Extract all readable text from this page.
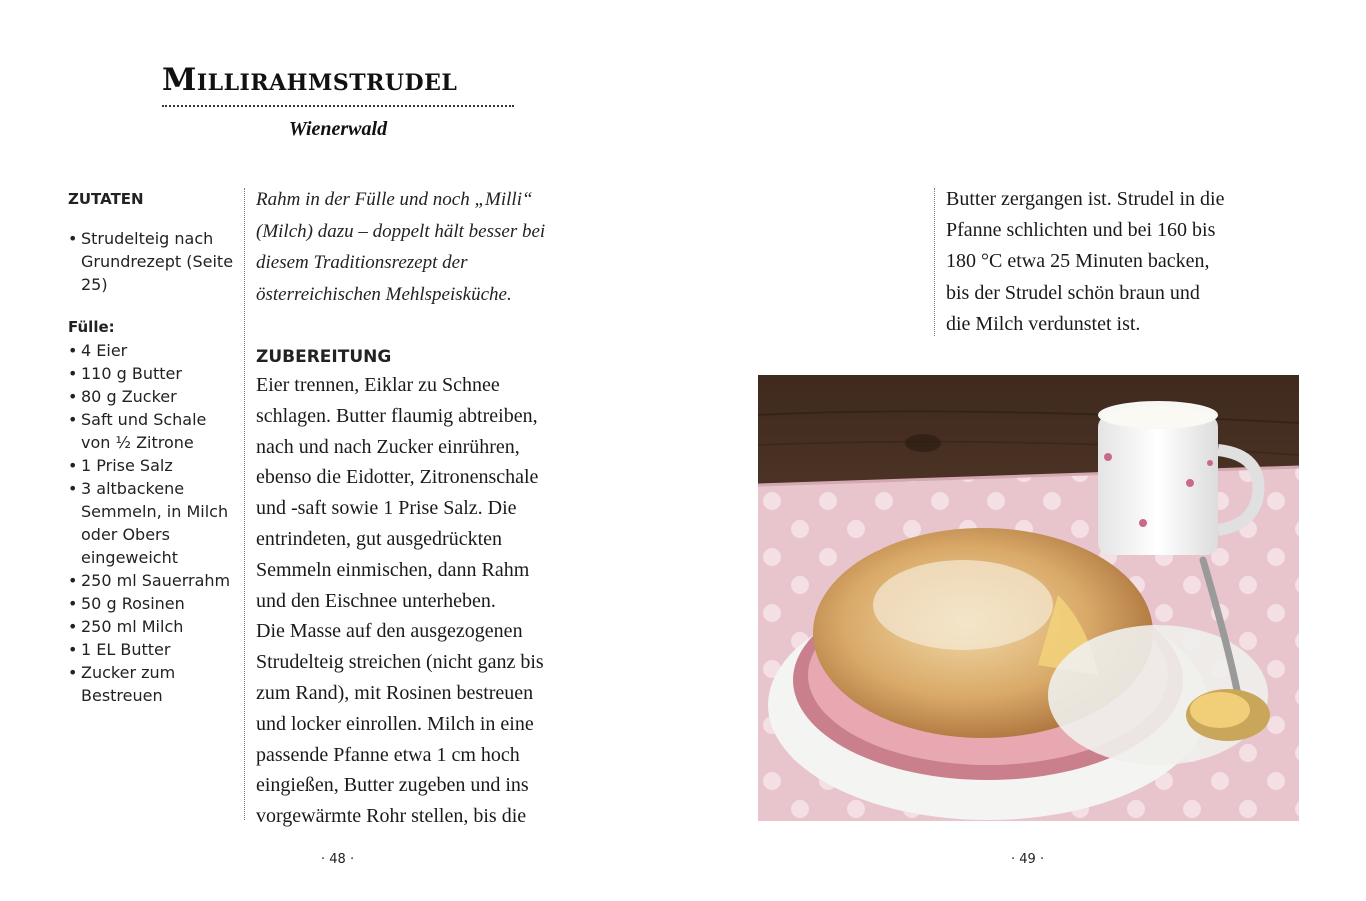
Millirahmstrudel
Wienerwald
ZUTATEN
• Strudelteig nach Grundrezept (Seite 25)
Fülle:
• 4 Eier
• 110 g Butter
• 80 g Zucker
• Saft und Schale von ½ Zitrone
• 1 Prise Salz
• 3 altbackene Semmeln, in Milch oder Obers eingeweicht
• 250 ml Sauerrahm
• 50 g Rosinen
• 250 ml Milch
• 1 EL Butter
• Zucker zum Bestreuen

Rahm in der Fülle und noch „Milli“ (Milch) dazu – doppelt hält besser bei diesem Traditionsrezept der österreichischen Mehlspeisküche.

ZUBEREITUNG
Eier trennen, Eiklar zu Schnee
schlagen. Butter flaumig abtreiben,
nach und nach Zucker einrühren,
ebenso die Eidotter, Zitronenschale
und -saft sowie 1 Prise Salz. Die
entrindeten, gut ausgedrückten
Semmeln einmischen, dann Rahm
und den Eischnee unterheben.
Die Masse auf den ausgezogenen
Strudelteig streichen (nicht ganz bis
zum Rand), mit Rosinen bestreuen
und locker einrollen. Milch in eine
passende Pfanne etwa 1 cm hoch
eingießen, Butter zugeben und ins
vorgewärmte Rohr stellen, bis die
· 48 ·
Butter zergangen ist. Strudel in die
Pfanne schlichten und bei 160 bis
180 °C etwa 25 Minuten backen,
bis der Strudel schön braun und
die Milch verdunstet ist.
· 49 ·
